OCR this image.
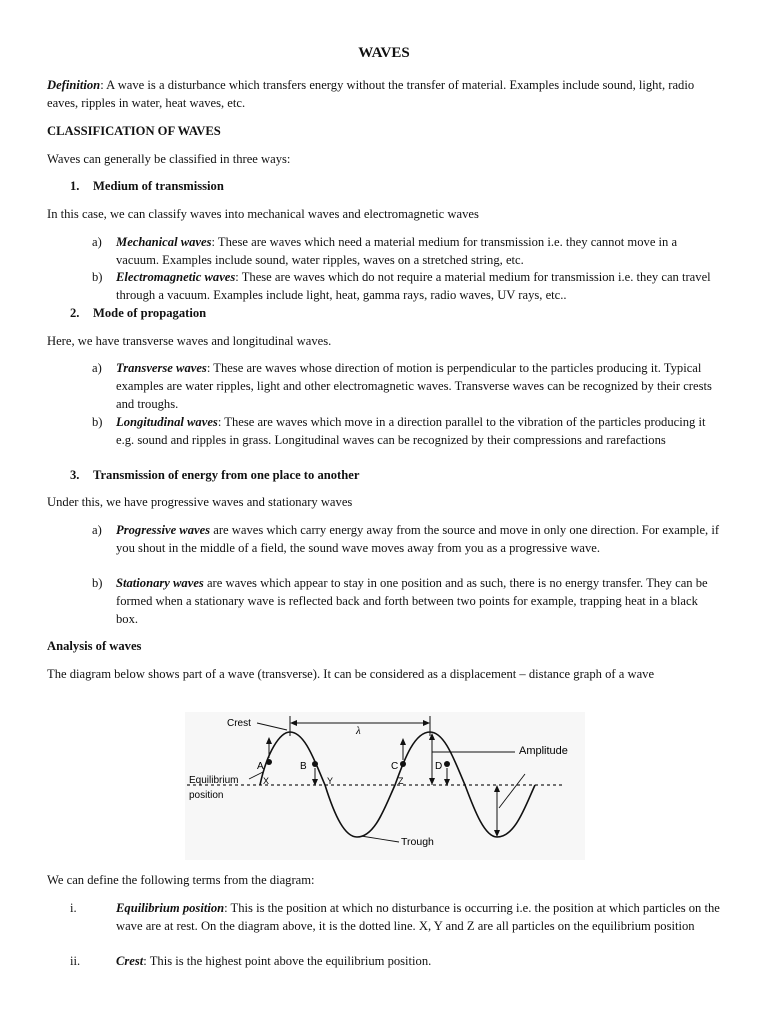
WAVES
Definition: A wave is a disturbance which transfers energy without the transfer of material. Examples include sound, light, radio eaves, ripples in water, heat waves, etc.
CLASSIFICATION OF WAVES
Waves can generally be classified in three ways:
1. Medium of transmission
In this case, we can classify waves into mechanical waves and electromagnetic waves
a) Mechanical waves: These are waves which need a material medium for transmission i.e. they cannot move in a vacuum. Examples include sound, water ripples, waves on a stretched string, etc.
b) Electromagnetic waves: These are waves which do not require a material medium for transmission i.e. they can travel through a vacuum. Examples include light, heat, gamma rays, radio waves, UV rays, etc..
2. Mode of propagation
Here, we have transverse waves and longitudinal waves.
a) Transverse waves: These are waves whose direction of motion is perpendicular to the particles producing it. Typical examples are water ripples, light and other electromagnetic waves. Transverse waves can be recognized by their crests and troughs.
b) Longitudinal waves: These are waves which move in a direction parallel to the vibration of the particles producing it e.g. sound and ripples in grass. Longitudinal waves can be recognized by their compressions and rarefactions
3. Transmission of energy from one place to another
Under this, we have progressive waves and stationary waves
a) Progressive waves are waves which carry energy away from the source and move in only one direction. For example, if you shout in the middle of a field, the sound wave moves away from you as a progressive wave.
b) Stationary waves are waves which appear to stay in one position and as such, there is no energy transfer. They can be formed when a stationary wave is reflected back and forth between two points for example, trapping heat in a black box.
Analysis of waves
The diagram below shows part of a wave (transverse). It can be considered as a displacement – distance graph of a wave
λ
Crest
A	B	C	D
X	Y	Z
Equilibrium
position
Amplitude
Trough
We can define the following terms from the diagram:
i.	Equilibrium position: This is the position at which no disturbance is occurring i.e. the position at which particles on the wave are at rest. On the diagram above, it is the dotted line. X, Y and Z are all particles on the equilibrium position
ii.	Crest: This is the highest point above the equilibrium position.
